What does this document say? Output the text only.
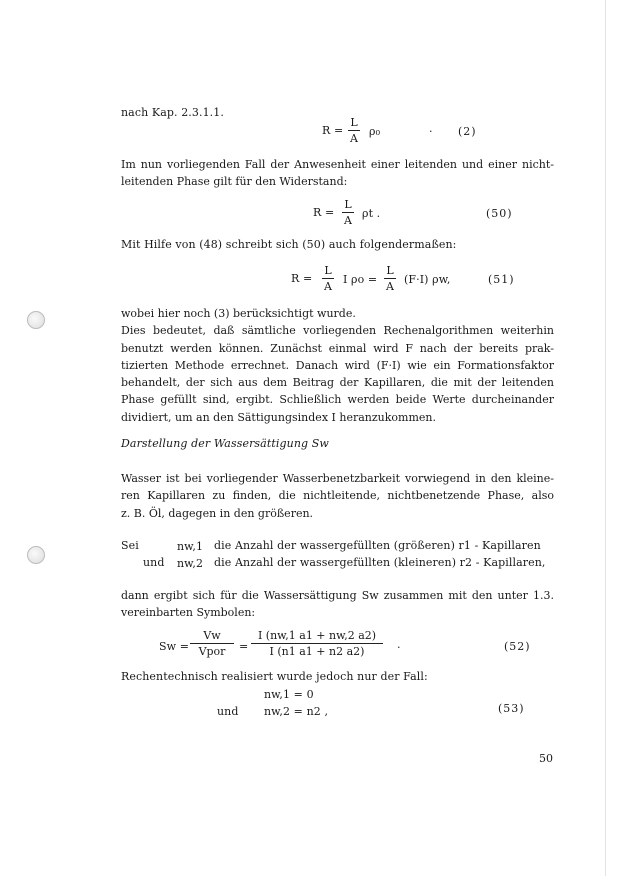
nach Kap. 2.3.1.1.
R =
L
A
ρ₀	. (2)
Im nun vorliegenden Fall der Anwesenheit einer leitenden und einer nicht-
leitenden Phase gilt für den Widerstand:
R =
L
A
ρt .	(50)
Mit Hilfe von (48) schreibt sich (50) auch folgendermaßen:
R =
L
A
I ρo =
L
A
(F·I) ρw,	(51)
wobei hier noch (3) berücksichtigt wurde.
Dies bedeutet, daß sämtliche vorliegenden Rechenalgorithmen weiterhin
benutzt werden können. Zunächst einmal wird F nach der bereits prak-
tizierten Methode errechnet. Danach wird (F·I) wie ein Formationsfaktor
behandelt, der sich aus dem Beitrag der Kapillaren, die mit der leitenden
Phase gefüllt sind, ergibt. Schließlich werden beide Werte durcheinander
dividiert, um an den Sättigungsindex I heranzukommen.
Darstellung der Wassersättigung Sw
Wasser ist bei vorliegender Wasserbenetzbarkeit vorwiegend in den kleine-
ren Kapillaren zu finden, die nichtleitende, nichtbenetzende Phase, also
z. B. Öl, dagegen in den größeren.
Sei	nw,1 die Anzahl der wassergefüllten (größeren) r1 - Kapillaren
und nw,2 die Anzahl der wassergefüllten (kleineren) r2 - Kapillaren,
dann ergibt sich für die Wassersättigung Sw zusammen mit den unter 1.3.
vereinbarten Symbolen:
Sw =
Vw
Vpor	=
I (nw,1 a1 + nw,2 a2)
I (n1 a1 + n2 a2)
.	(52)
Rechentechnisch realisiert wurde jedoch nur der Fall:
nw,1 = 0
und nw,2 = n2 ,	(53)
50
